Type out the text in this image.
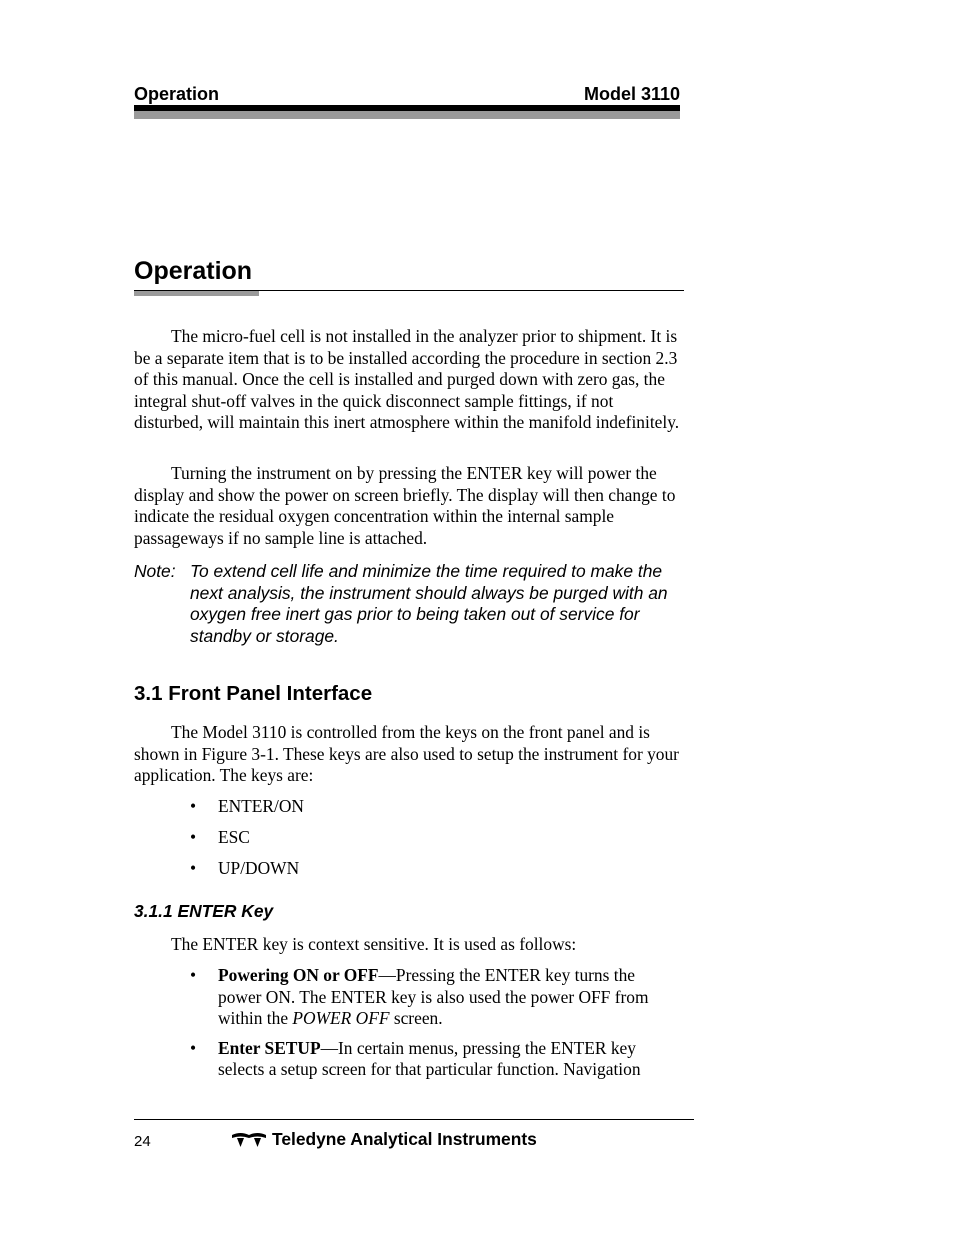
Operation	Model 3110
Operation

The micro-fuel cell is not installed in the analyzer prior to shipment. It is be a separate item that is to be installed according the procedure in section 2.3 of this manual. Once the cell is installed and purged down with zero gas, the integral shut-off valves in the quick disconnect sample fittings, if not disturbed, will maintain this inert atmosphere within the manifold indefinitely.

Turning the instrument on by pressing the ENTER key will power the display and show the power on screen briefly. The display will then change to indicate the residual oxygen concentration within the internal sample passageways if no sample line is attached.

Note: To extend cell life and minimize the time required to make the next analysis, the instrument should always be purged with an oxygen free inert gas prior to being taken out of service for standby or storage.
3.1 Front Panel Interface

The Model 3110 is controlled from the keys on the front panel and is shown in Figure 3-1. These keys are also used to setup the instrument for your application. The keys are:

• ENTER/ON
• ESC
• UP/DOWN
3.1.1 ENTER Key

The ENTER key is context sensitive. It is used as follows:

• Powering ON or OFF—Pressing the ENTER key turns the power ON. The ENTER key is also used the power OFF from within the POWER OFF screen.
• Enter SETUP—In certain menus, pressing the ENTER key selects a setup screen for that particular function. Navigation
24	Teledyne Analytical Instruments
